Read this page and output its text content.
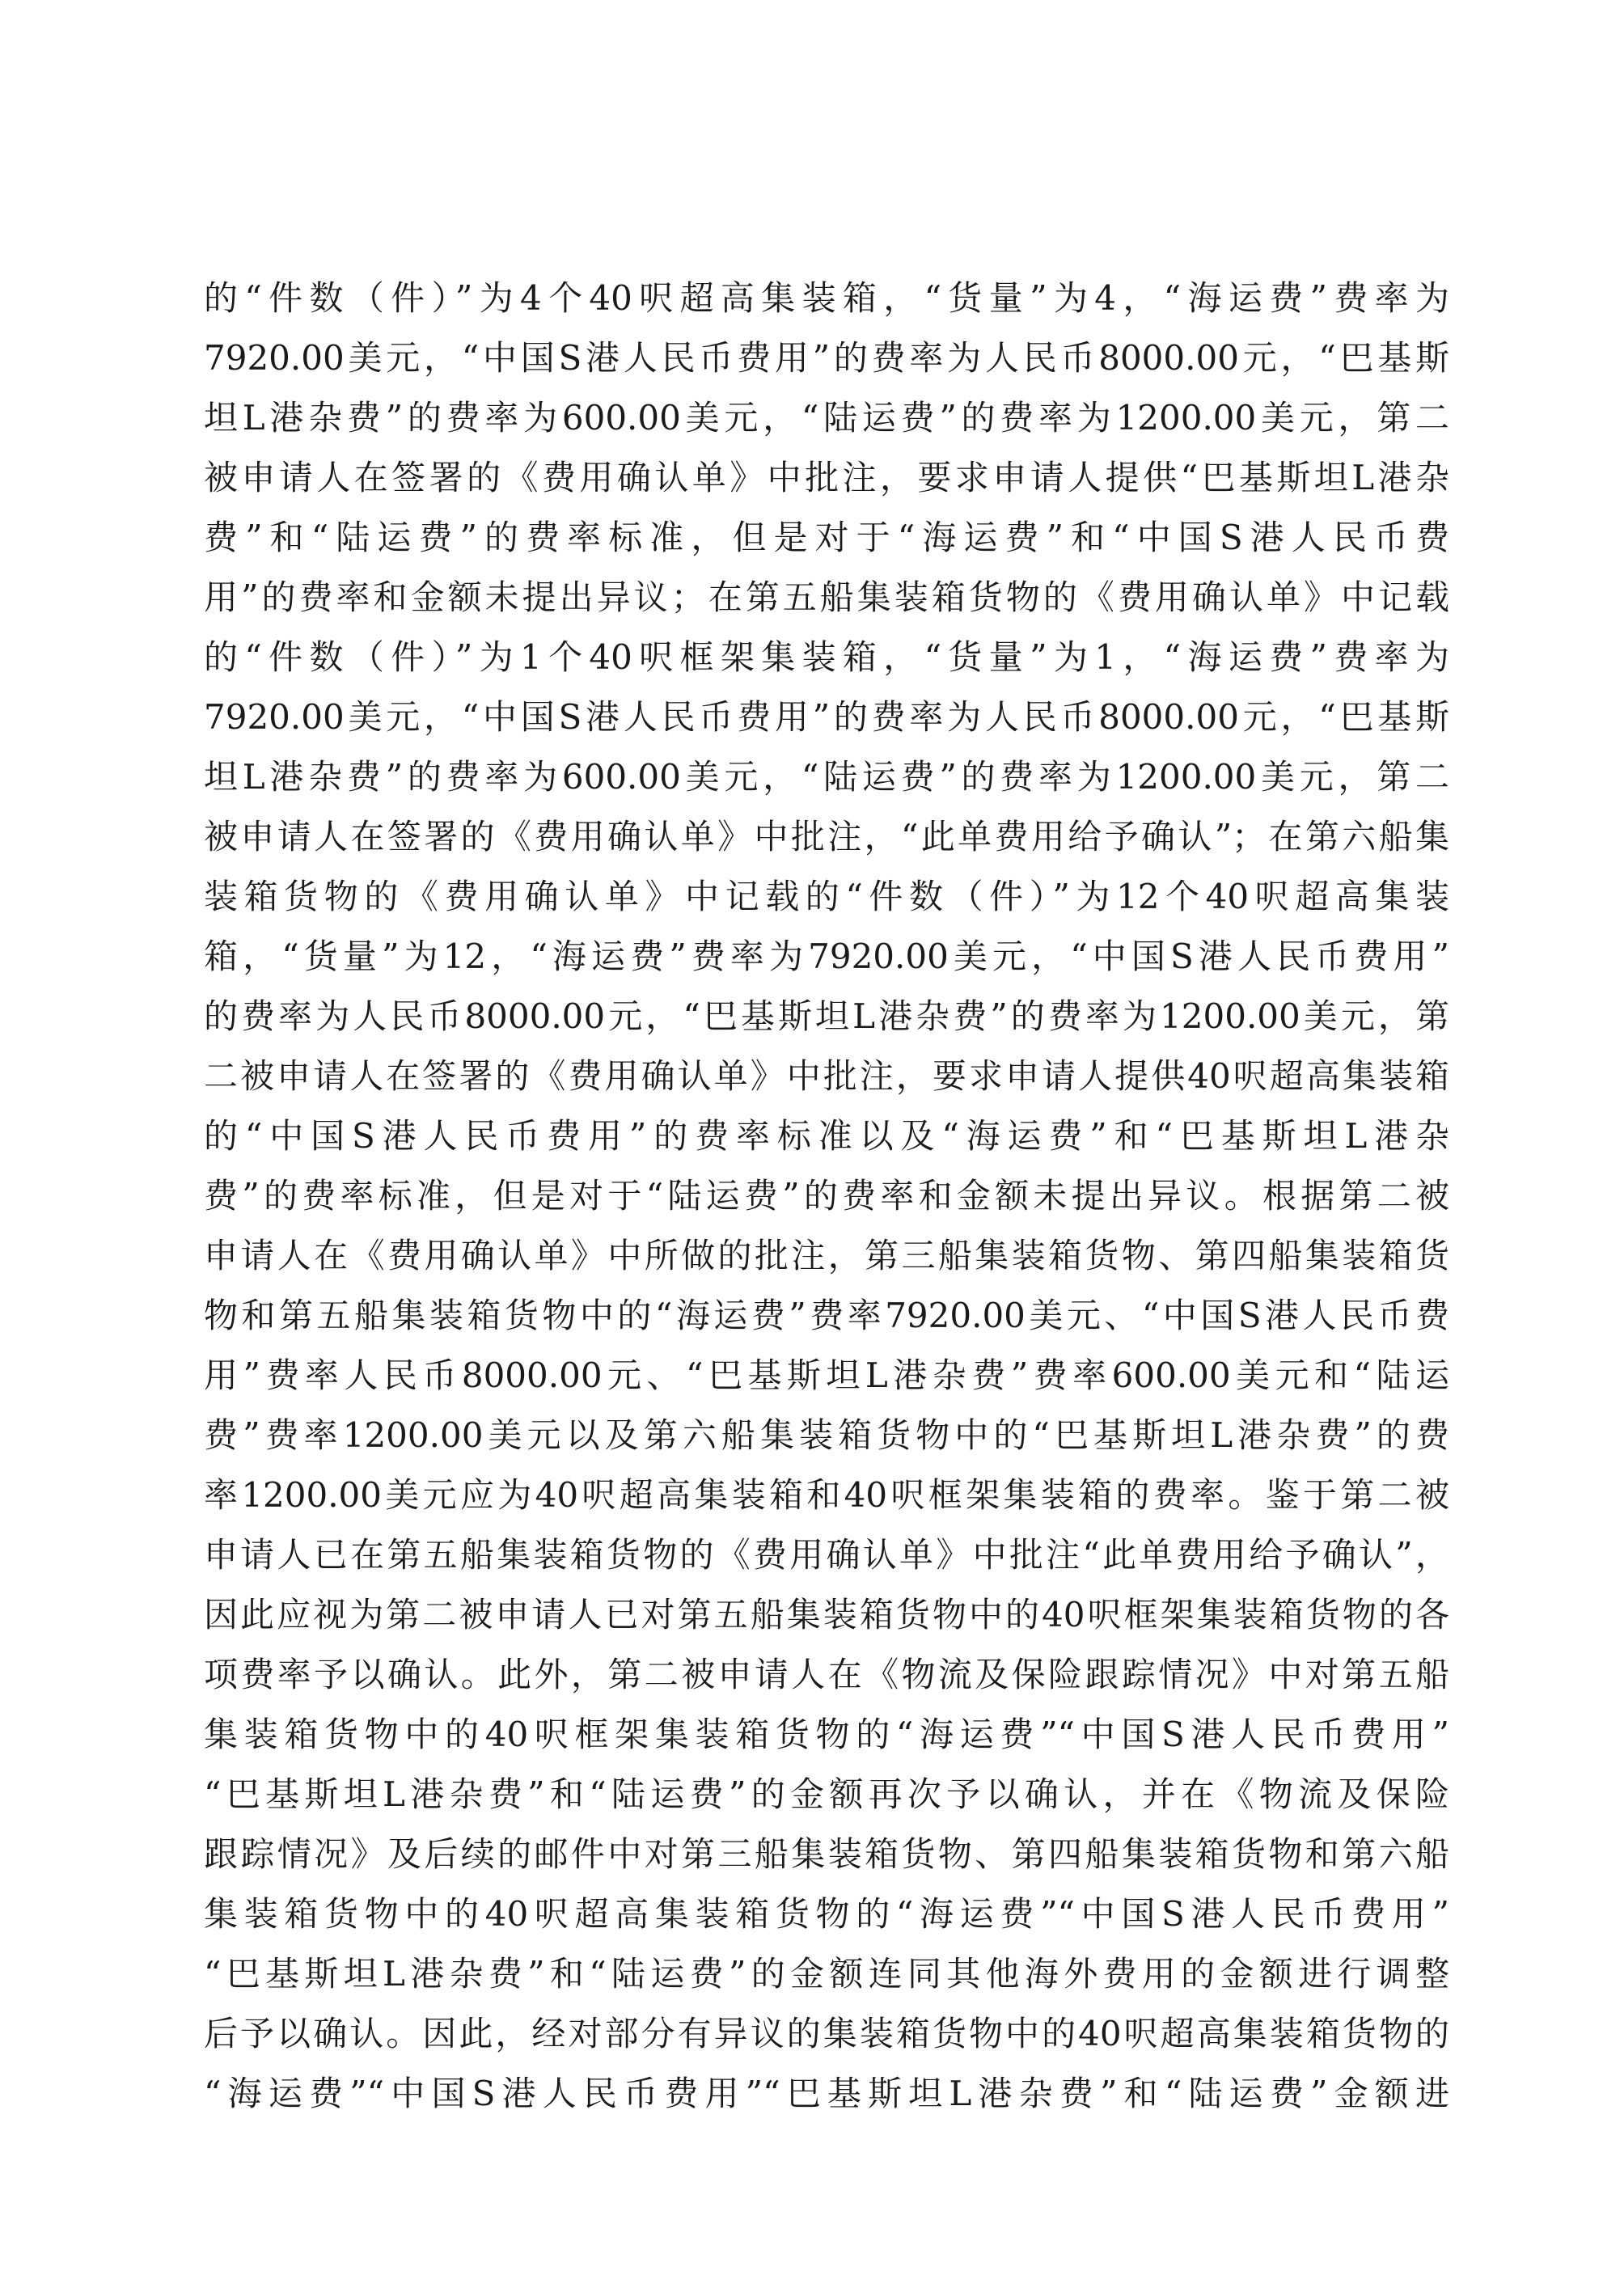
的“件数（件）”为4个40呎超高集装箱，“货量”为4，“海运费”费率为
7920.00美元，“中国S港人民币费用”的费率为人民币8000.00元，“巴基斯
坦L港杂费”的费率为600.00美元，“陆运费”的费率为1200.00美元，第二
被申请人在签署的《费用确认单》中批注，要求申请人提供“巴基斯坦L港杂
费”和“陆运费”的费率标准，但是对于“海运费”和“中国S港人民币费
用”的费率和金额未提出异议；在第五船集装箱货物的《费用确认单》中记载
的“件数（件）”为1个40呎框架集装箱，“货量”为1，“海运费”费率为
7920.00美元，“中国S港人民币费用”的费率为人民币8000.00元，“巴基斯
坦L港杂费”的费率为600.00美元，“陆运费”的费率为1200.00美元，第二
被申请人在签署的《费用确认单》中批注，“此单费用给予确认”；在第六船集
装箱货物的《费用确认单》中记载的“件数（件）”为12个40呎超高集装
箱，“货量”为12，“海运费”费率为7920.00美元，“中国S港人民币费用”
的费率为人民币8000.00元，“巴基斯坦L港杂费”的费率为1200.00美元，第
二被申请人在签署的《费用确认单》中批注，要求申请人提供40呎超高集装箱
的“中国S港人民币费用”的费率标准以及“海运费”和“巴基斯坦L港杂
费”的费率标准，但是对于“陆运费”的费率和金额未提出异议。根据第二被
申请人在《费用确认单》中所做的批注，第三船集装箱货物、第四船集装箱货
物和第五船集装箱货物中的“海运费”费率7920.00美元、“中国S港人民币费
用”费率人民币8000.00元、“巴基斯坦L港杂费”费率600.00美元和“陆运
费”费率1200.00美元以及第六船集装箱货物中的“巴基斯坦L港杂费”的费
率1200.00美元应为40呎超高集装箱和40呎框架集装箱的费率。鉴于第二被
申请人已在第五船集装箱货物的《费用确认单》中批注“此单费用给予确认”，
因此应视为第二被申请人已对第五船集装箱货物中的40呎框架集装箱货物的各
项费率予以确认。此外，第二被申请人在《物流及保险跟踪情况》中对第五船
集装箱货物中的40呎框架集装箱货物的“海运费”“中国S港人民币费用”
“巴基斯坦L港杂费”和“陆运费”的金额再次予以确认，并在《物流及保险
跟踪情况》及后续的邮件中对第三船集装箱货物、第四船集装箱货物和第六船
集装箱货物中的40呎超高集装箱货物的“海运费”“中国S港人民币费用”
“巴基斯坦L港杂费”和“陆运费”的金额连同其他海外费用的金额进行调整
后予以确认。因此，经对部分有异议的集装箱货物中的40呎超高集装箱货物的
“海运费”“中国S港人民币费用”“巴基斯坦L港杂费”和“陆运费”金额进
